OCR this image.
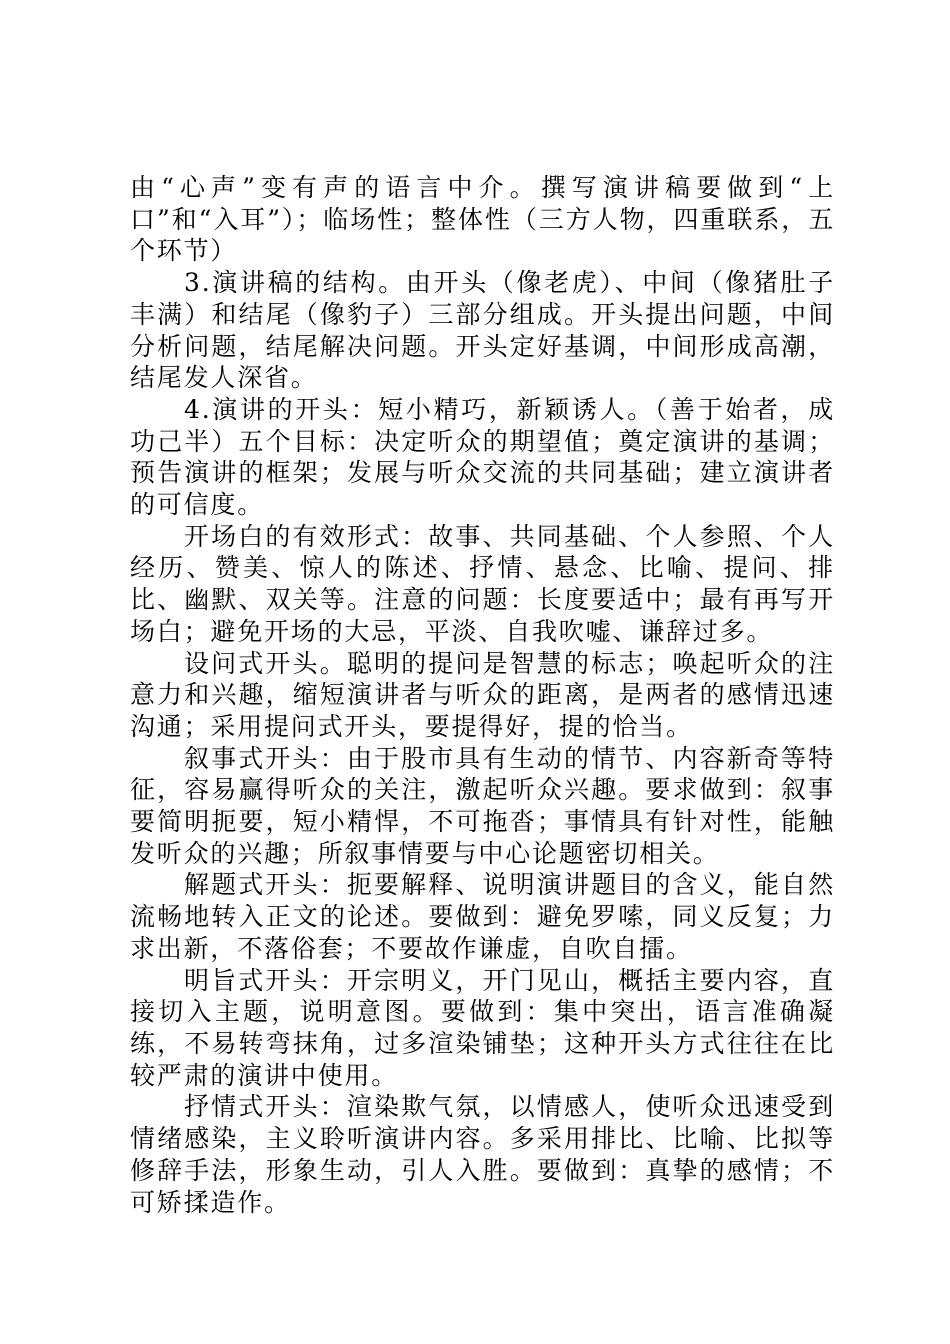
由“心声”变有声的语言中介。撰写演讲稿要做到“上口”和“入耳”）；临场性；整体性（三方人物，四重联系，五个环节）

3.演讲稿的结构。由开头（像老虎）、中间（像猪肚子丰满）和结尾（像豹子）三部分组成。开头提出问题，中间分析问题，结尾解决问题。开头定好基调，中间形成高潮，结尾发人深省。

4.演讲的开头：短小精巧，新颖诱人。（善于始者，成功己半）五个目标：决定听众的期望值；奠定演讲的基调；预告演讲的框架；发展与听众交流的共同基础；建立演讲者的可信度。

开场白的有效形式：故事、共同基础、个人参照、个人经历、赞美、惊人的陈述、抒情、悬念、比喻、提问、排比、幽默、双关等。注意的问题：长度要适中；最有再写开场白；避免开场的大忌，平淡、自我吹嘘、谦辞过多。

设问式开头。聪明的提问是智慧的标志；唤起听众的注意力和兴趣，缩短演讲者与听众的距离，是两者的感情迅速沟通；采用提问式开头，要提得好，提的恰当。

叙事式开头：由于股市具有生动的情节、内容新奇等特征，容易赢得听众的关注，激起听众兴趣。要求做到：叙事要简明扼要，短小精悍，不可拖沓；事情具有针对性，能触发听众的兴趣；所叙事情要与中心论题密切相关。

解题式开头：扼要解释、说明演讲题目的含义，能自然流畅地转入正文的论述。要做到：避免罗嗦，同义反复；力求出新，不落俗套；不要故作谦虚，自吹自擂。

明旨式开头：开宗明义，开门见山，概括主要内容，直接切入主题，说明意图。要做到：集中突出，语言准确凝练，不易转弯抹角，过多渲染铺垫；这种开头方式往往在比较严肃的演讲中使用。

抒情式开头：渲染欺气氛，以情感人，使听众迅速受到情绪感染，主义聆听演讲内容。多采用排比、比喻、比拟等修辞手法，形象生动，引人入胜。要做到：真挚的感情；不可矫揉造作。
